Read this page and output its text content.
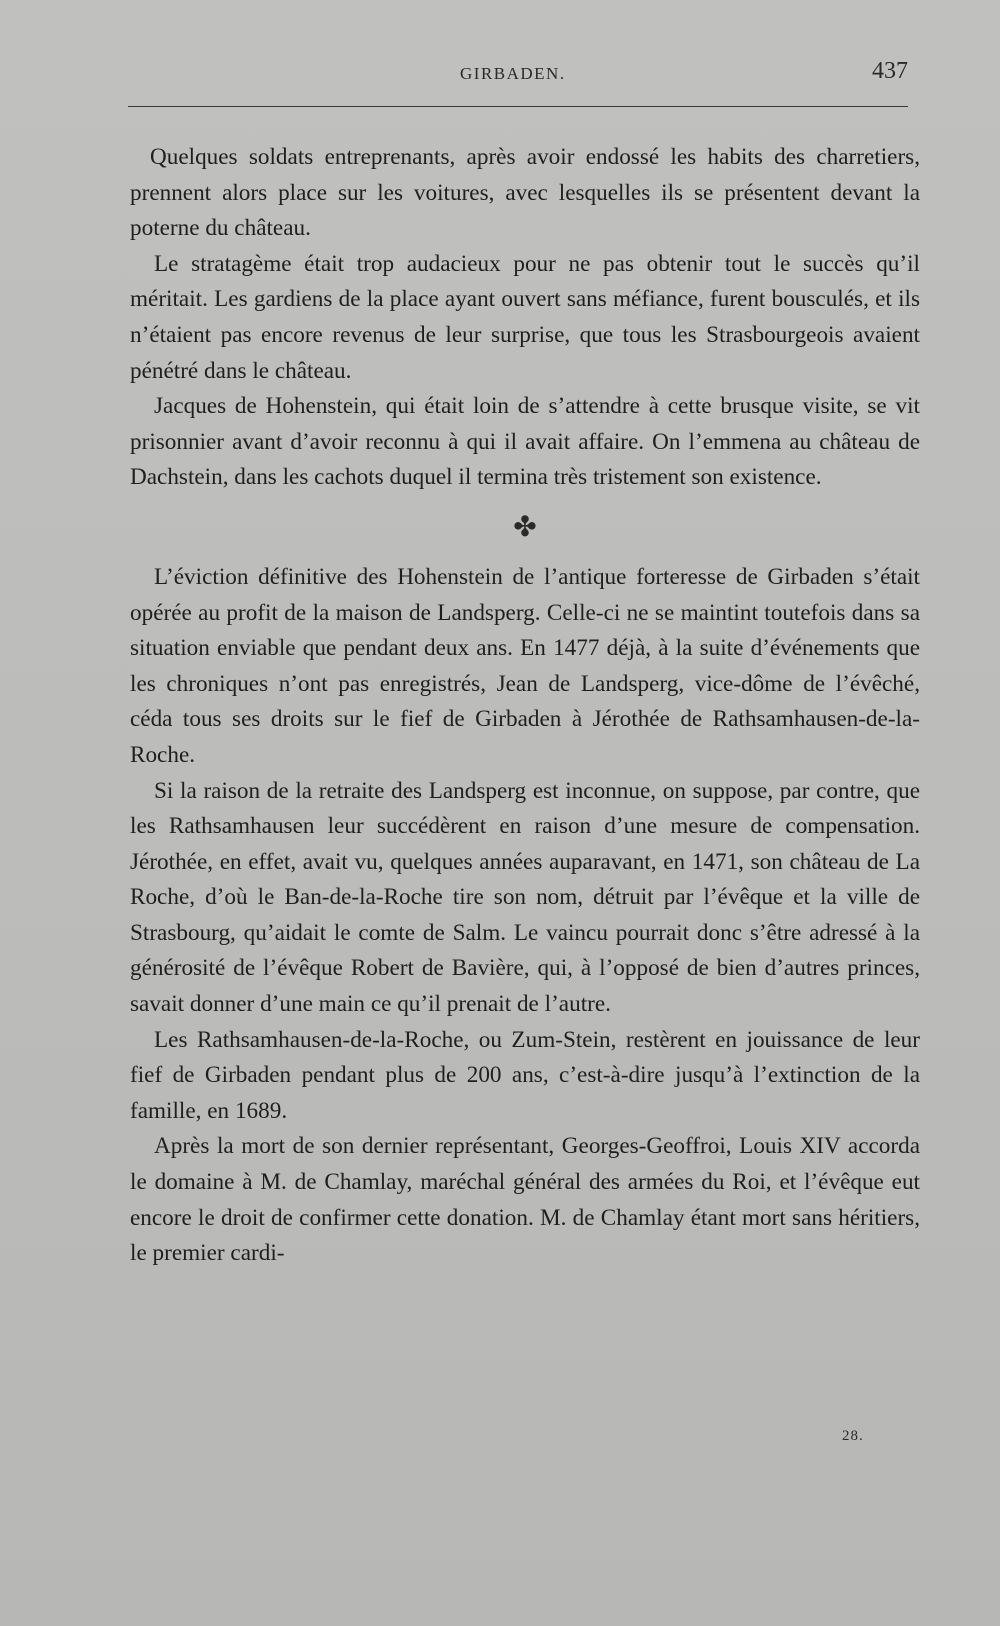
GIRBADEN.	437

Quelques soldats entreprenants, après avoir endossé les habits des charretiers, prennent alors place sur les voitures, avec lesquelles ils se présentent devant la poterne du château.

Le stratagème était trop audacieux pour ne pas obtenir tout le succès qu’il méritait. Les gardiens de la place ayant ouvert sans méfiance, furent bousculés, et ils n’étaient pas encore revenus de leur surprise, que tous les Strasbourgeois avaient pénétré dans le château.

Jacques de Hohenstein, qui était loin de s’attendre à cette brusque visite, se vit prisonnier avant d’avoir reconnu à qui il avait affaire. On l’emmena au château de Dachstein, dans les cachots duquel il termina très tristement son existence.

✤

L’éviction définitive des Hohenstein de l’antique forteresse de Girbaden s’était opérée au profit de la maison de Landsperg. Celle-ci ne se maintint toutefois dans sa situation enviable que pendant deux ans. En 1477 déjà, à la suite d’événements que les chroniques n’ont pas enregistrés, Jean de Landsperg, vice-dôme de l’évêché, céda tous ses droits sur le fief de Girbaden à Jérothée de Rathsamhausen-de-la-Roche.

Si la raison de la retraite des Landsperg est inconnue, on suppose, par contre, que les Rathsamhausen leur succédèrent en raison d’une mesure de compensation. Jérothée, en effet, avait vu, quelques années auparavant, en 1471, son château de La Roche, d’où le Ban-de-la-Roche tire son nom, détruit par l’évêque et la ville de Strasbourg, qu’aidait le comte de Salm. Le vaincu pourrait donc s’être adressé à la générosité de l’évêque Robert de Bavière, qui, à l’opposé de bien d’autres princes, savait donner d’une main ce qu’il prenait de l’autre.

Les Rathsamhausen-de-la-Roche, ou Zum-Stein, restèrent en jouissance de leur fief de Girbaden pendant plus de 200 ans, c’est-à-dire jusqu’à l’extinction de la famille, en 1689.

Après la mort de son dernier représentant, Georges-Geoffroi, Louis XIV accorda le domaine à M. de Chamlay, maréchal général des armées du Roi, et l’évêque eut encore le droit de confirmer cette donation. M. de Chamlay étant mort sans héritiers, le premier cardi-

28.
